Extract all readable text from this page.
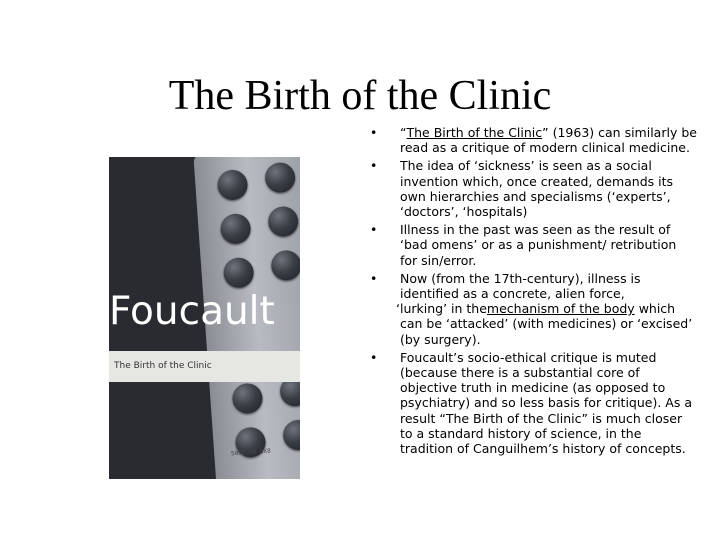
The Birth of the Clinic
Foucault
The Birth of the Clinic
5002 90 8X8
• “The Birth of the Clinic” (1963) can similarly be read as a critique of modern clinical medicine.
• The idea of ‘sickness’ is seen as a social invention which, once created, demands its own hierarchies and specialisms (‘experts’, ‘doctors’, ‘hospitals)
• Illness in the past was seen as the result of ‘bad omens’ or as a punishment/ retribution for sin/error.
• Now (from the 17th-century), illness is identified as a concrete, alien force, ‘lurking’ in themechanism of the body which can be ‘attacked’ (with medicines) or ‘excised’ (by surgery).
• Foucault’s socio-ethical critique is muted (because there is a substantial core of objective truth in medicine (as opposed to psychiatry) and so less basis for critique). As a result “The Birth of the Clinic” is much closer to a standard history of science, in the tradition of Canguilhem’s history of concepts.
